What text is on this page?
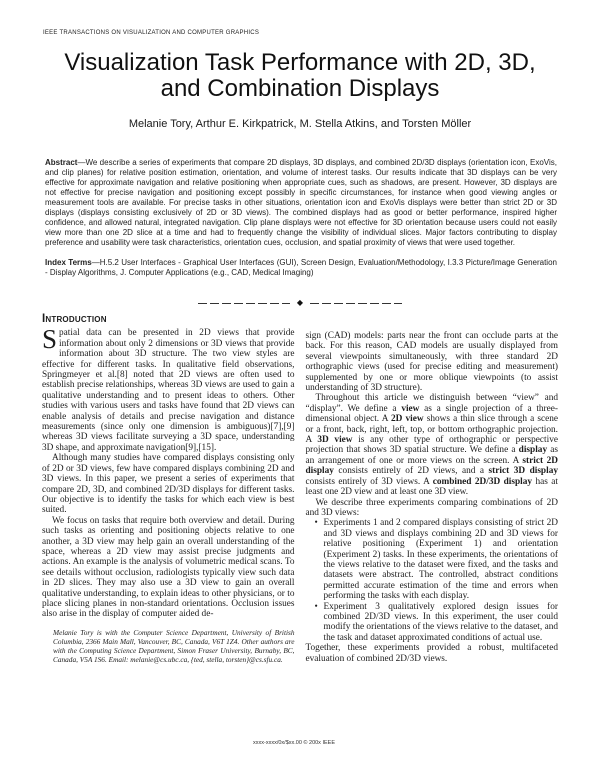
IEEE TRANSACTIONS ON VISUALIZATION AND COMPUTER GRAPHICS
Visualization Task Performance with 2D, 3D,
and Combination Displays
Melanie Tory, Arthur E. Kirkpatrick, M. Stella Atkins, and Torsten Möller

Abstract—We describe a series of experiments that compare 2D displays, 3D displays, and combined 2D/3D displays (orientation icon, ExoVis, and clip planes) for relative position estimation, orientation, and volume of interest tasks. Our results indicate that 3D displays can be very effective for approximate navigation and relative positioning when appropriate cues, such as shadows, are present. However, 3D displays are not effective for precise navigation and positioning except possibly in specific circumstances, for instance when good viewing angles or measurement tools are available. For precise tasks in other situations, orientation icon and ExoVis displays were better than strict 2D or 3D displays (displays consisting exclusively of 2D or 3D views). The combined displays had as good or better performance, inspired higher confidence, and allowed natural, integrated navigation. Clip plane displays were not effective for 3D orientation because users could not easily view more than one 2D slice at a time and had to frequently change the visibility of individual slices. Major factors contributing to display preference and usability were task characteristics, orientation cues, occlusion, and spatial proximity of views that were used together.

Index Terms—H.5.2 User Interfaces - Graphical User Interfaces (GUI), Screen Design, Evaluation/Methodology, I.3.3 Picture/Image Generation - Display Algorithms, J. Computer Applications (e.g., CAD, Medical Imaging)

◆
Introduction

Spatial data can be presented in 2D views that provide information about only 2 dimensions or 3D views that provide information about 3D structure. The two view styles are effective for different tasks. In qualitative field observations, Springmeyer et al.[8] noted that 2D views are often used to establish precise relationships, whereas 3D views are used to gain a qualitative understanding and to present ideas to others. Other studies with various users and tasks have found that 2D views can enable analysis of details and precise navigation and distance measurements (since only one dimension is ambiguous)[7],[9] whereas 3D views facilitate surveying a 3D space, understanding 3D shape, and approximate navigation[9],[15].

Although many studies have compared displays consisting only of 2D or 3D views, few have compared displays combining 2D and 3D views. In this paper, we present a series of experiments that compare 2D, 3D, and combined 2D/3D displays for different tasks. Our objective is to identify the tasks for which each view is best suited.

We focus on tasks that require both overview and detail. During such tasks as orienting and positioning objects relative to one another, a 3D view may help gain an overall understanding of the space, whereas a 2D view may assist precise judgments and actions. An example is the analysis of volumetric medical scans. To see details without occlusion, radiologists typically view such data in 2D slices. They may also use a 3D view to gain an overall qualitative understanding, to explain ideas to other physicians, or to place slicing planes in non-standard orientations. Occlusion issues also arise in the display of computer aided de-

Melanie Tory is with the Computer Science Department, University of British Columbia, 2366 Main Mall, Vancouver, BC, Canada, V6T 1Z4. Other authors are with the Computing Science Department, Simon Fraser University, Burnaby, BC, Canada, V5A 1S6. Email: melanie@cs.ubc.ca, {ted, stella, torsten}@cs.sfu.ca.

sign (CAD) models: parts near the front can occlude parts at the back. For this reason, CAD models are usually displayed from several viewpoints simultaneously, with three standard 2D orthographic views (used for precise editing and measurement) supplemented by one or more oblique viewpoints (to assist understanding of 3D structure).

Throughout this article we distinguish between “view” and “display”. We define a view as a single projection of a three-dimensional object. A 2D view shows a thin slice through a scene or a front, back, right, left, top, or bottom orthographic projection. A 3D view is any other type of orthographic or perspective projection that shows 3D spatial structure. We define a display as an arrangement of one or more views on the screen. A strict 2D display consists entirely of 2D views, and a strict 3D display consists entirely of 3D views. A combined 2D/3D display has at least one 2D view and at least one 3D view.

We describe three experiments comparing combinations of 2D and 3D views:

• Experiments 1 and 2 compared displays consisting of strict 2D and 3D views and displays combining 2D and 3D views for relative positioning (Experiment 1) and orientation (Experiment 2) tasks. In these experiments, the orientations of the views relative to the dataset were fixed, and the tasks and datasets were abstract. The controlled, abstract conditions permitted accurate estimation of the time and errors when performing the tasks with each display.
• Experiment 3 qualitatively explored design issues for combined 2D/3D views. In this experiment, the user could modify the orientations of the views relative to the dataset, and the task and dataset approximated conditions of actual use.

Together, these experiments provided a robust, multifaceted evaluation of combined 2D/3D views.

xxxx-xxxx/0x/$xx.00 © 200x IEEE
